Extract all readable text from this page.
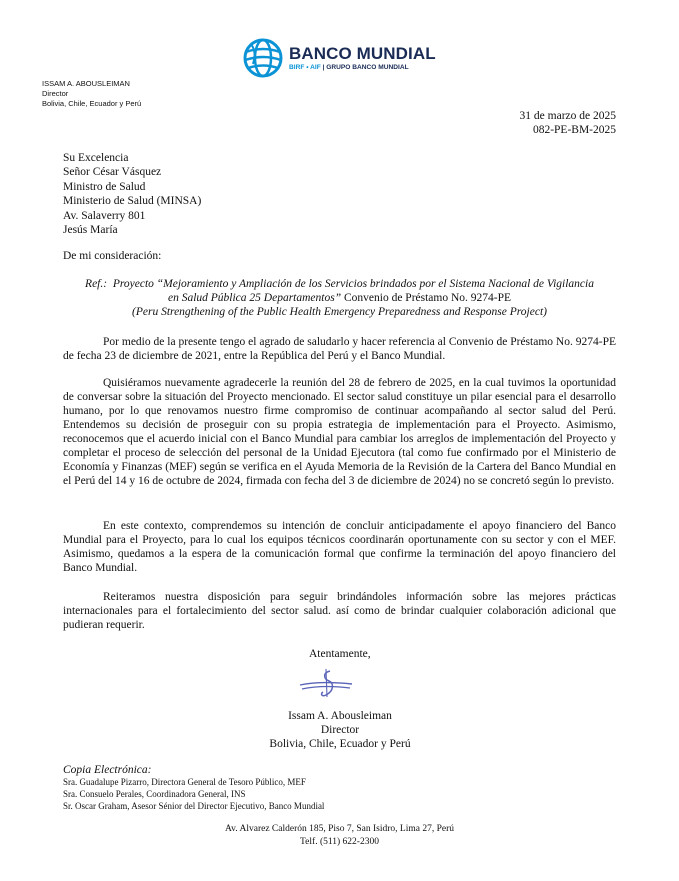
BANCO MUNDIAL
BIRF • AIF | GRUPO BANCO MUNDIAL
ISSAM A. ABOUSLEIMAN
Director
Bolivia, Chile, Ecuador y Perú
31 de marzo de 2025
082-PE-BM-2025
Su Excelencia
Señor César Vásquez
Ministro de Salud
Ministerio de Salud (MINSA)
Av. Salaverry 801
Jesús María
De mi consideración:
Ref.: Proyecto “Mejoramiento y Ampliación de los Servicios brindados por el Sistema Nacional de Vigilancia
en Salud Pública 25 Departamentos” Convenio de Préstamo No. 9274-PE
(Peru Strengthening of the Public Health Emergency Preparedness and Response Project)

Por medio de la presente tengo el agrado de saludarlo y hacer referencia al Convenio de Préstamo No. 9274-PE de fecha 23 de diciembre de 2021, entre la República del Perú y el Banco Mundial.

Quisiéramos nuevamente agradecerle la reunión del 28 de febrero de 2025, en la cual tuvimos la oportunidad de conversar sobre la situación del Proyecto mencionado. El sector salud constituye un pilar esencial para el desarrollo humano, por lo que renovamos nuestro firme compromiso de continuar acompañando al sector salud del Perú. Entendemos su decisión de proseguir con su propia estrategia de implementación para el Proyecto. Asimismo, reconocemos que el acuerdo inicial con el Banco Mundial para cambiar los arreglos de implementación del Proyecto y completar el proceso de selección del personal de la Unidad Ejecutora (tal como fue confirmado por el Ministerio de Economía y Finanzas (MEF) según se verifica en el Ayuda Memoria de la Revisión de la Cartera del Banco Mundial en el Perú del 14 y 16 de octubre de 2024, firmada con fecha del 3 de diciembre de 2024) no se concretó según lo previsto.

En este contexto, comprendemos su intención de concluir anticipadamente el apoyo financiero del Banco Mundial para el Proyecto, para lo cual los equipos técnicos coordinarán oportunamente con su sector y con el MEF. Asimismo, quedamos a la espera de la comunicación formal que confirme la terminación del apoyo financiero del Banco Mundial.

Reiteramos nuestra disposición para seguir brindándoles información sobre las mejores prácticas internacionales para el fortalecimiento del sector salud. así como de brindar cualquier colaboración adicional que pudieran requerir.

Atentamente,
Issam A. Abousleiman
Director
Bolivia, Chile, Ecuador y Perú
Copia Electrónica:
Sra. Guadalupe Pizarro, Directora General de Tesoro Público, MEF
Sra. Consuelo Perales, Coordinadora General, INS
Sr. Oscar Graham, Asesor Sénior del Director Ejecutivo, Banco Mundial
Av. Alvarez Calderón 185, Piso 7, San Isidro, Lima 27, Perú
Telf. (511) 622-2300
